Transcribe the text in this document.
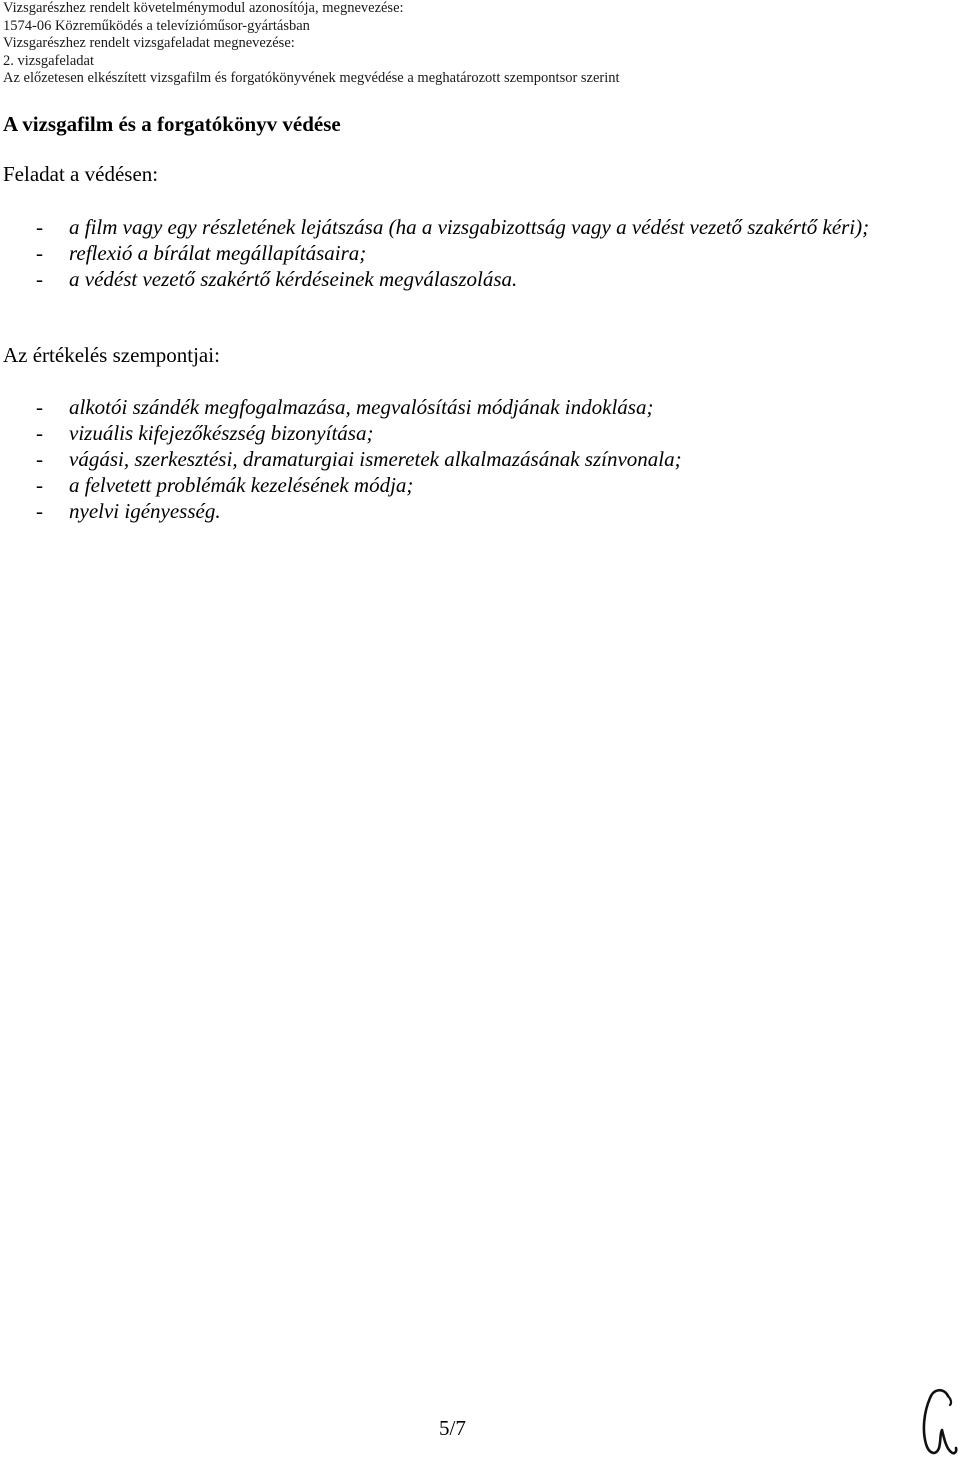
Vizsgarészhez rendelt követelménymodul azonosítója, megnevezése:
1574-06 Közreműködés a televízióműsor-gyártásban
Vizsgarészhez rendelt vizsgafeladat megnevezése:
2. vizsgafeladat
Az előzetesen elkészített vizsgafilm és forgatókönyvének megvédése a meghatározott szempontsor szerint
A vizsgafilm és a forgatókönyv védése

Feladat a védésen:

- a film vagy egy részletének lejátszása (ha a vizsgabizottság vagy a védést vezető szakértő kéri);
- reflexió a bírálat megállapításaira;
- a védést vezető szakértő kérdéseinek megválaszolása.

Az értékelés szempontjai:

- alkotói szándék megfogalmazása, megvalósítási módjának indoklása;
- vizuális kifejezőkészség bizonyítása;
- vágási, szerkesztési, dramaturgiai ismeretek alkalmazásának színvonala;
- a felvetett problémák kezelésének módja;
- nyelvi igényesség.
5/7
